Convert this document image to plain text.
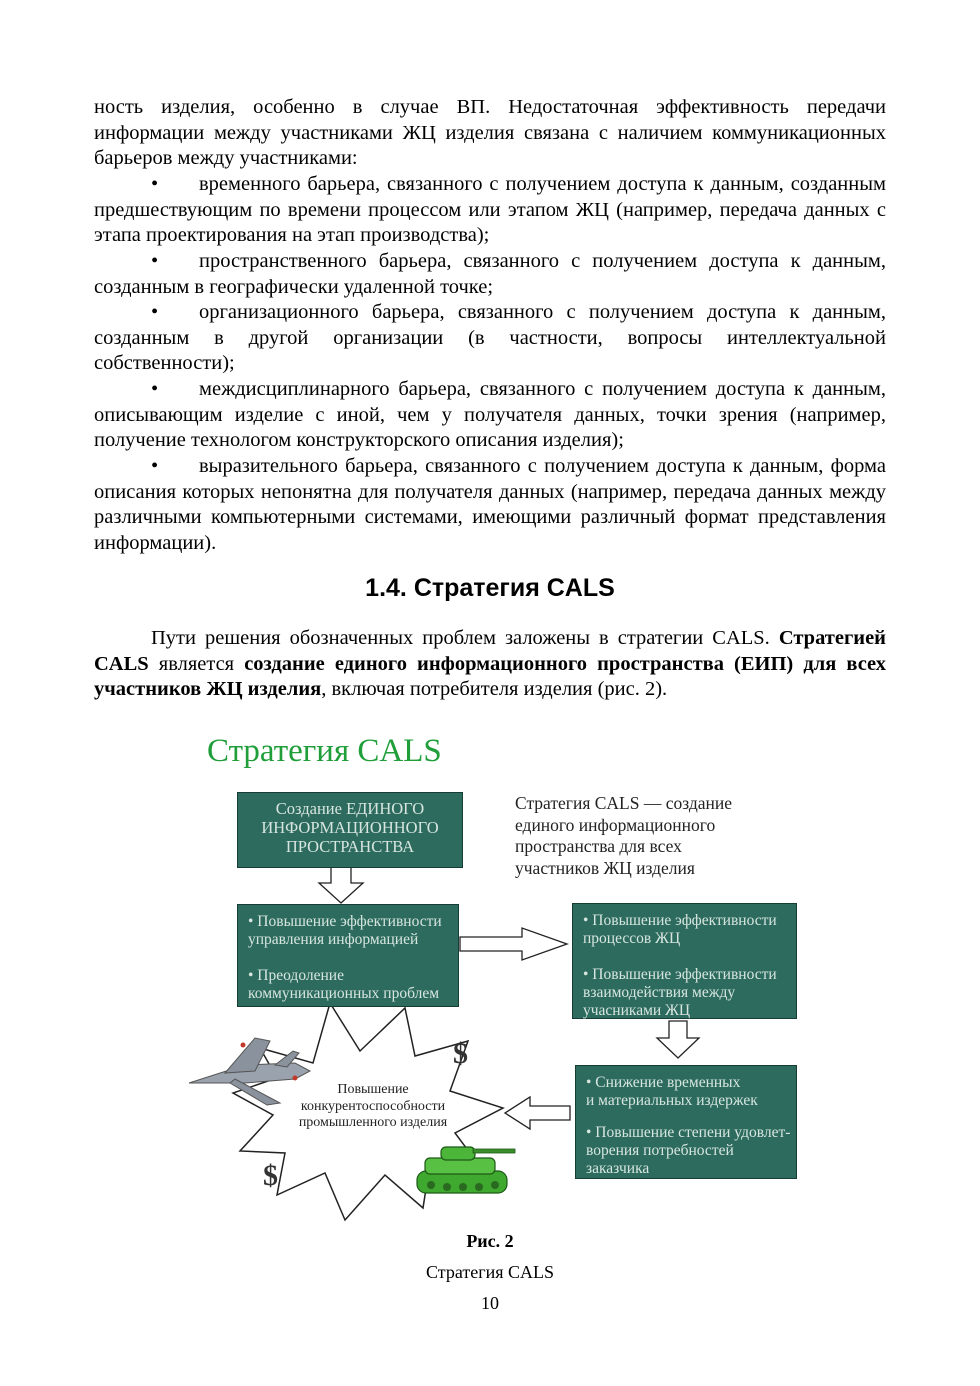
ность изделия, особенно в случае ВП. Недостаточная эффективность передачи информации между участниками ЖЦ изделия связана с наличием коммуникационных барьеров между участниками:
• временного барьера, связанного с получением доступа к данным, созданным предшествующим по времени процессом или этапом ЖЦ (например, передача данных с этапа проектирования на этап производства);
• пространственного барьера, связанного с получением доступа к данным, созданным в географически удаленной точке;
• организационного барьера, связанного с получением доступа к данным, созданным в другой организации (в частности, вопросы интеллектуальной собственности);
• междисциплинарного барьера, связанного с получением доступа к данным, описывающим изделие с иной, чем у получателя данных, точки зрения (например, получение технологом конструкторского описания изделия);
• выразительного барьера, связанного с получением доступа к данным, форма описания которых непонятна для получателя данных (например, передача данных между различными компьютерными системами, имеющими различный формат представления информации).
1.4. Стратегия CALS
Пути решения обозначенных проблем заложены в стратегии CALS. Стратегией CALS является создание единого информационного пространства (ЕИП) для всех участников ЖЦ изделия, включая потребителя изделия (рис. 2).
Стратегия CALS
$
$

Создание ЕДИНОГО

ИНФОРМАЦИОННОГО

ПРОСТРАНСТВА

Стратегия CALS — создание
единого информационного
пространства для всех
участников ЖЦ изделия

• Повышение эффективности

управления информацией

• Преодоление

коммуникационных проблем

• Повышение эффективности

процессов ЖЦ

• Повышение эффективности

взаимодействия между

учасниками ЖЦ

• Снижение временных

и материальных издержек

• Повышение степени удовлет-

ворения потребностей

заказчика

Повышение
конкурентоспособности
промышленного изделия
Рис. 2
Стратегия CALS
10
